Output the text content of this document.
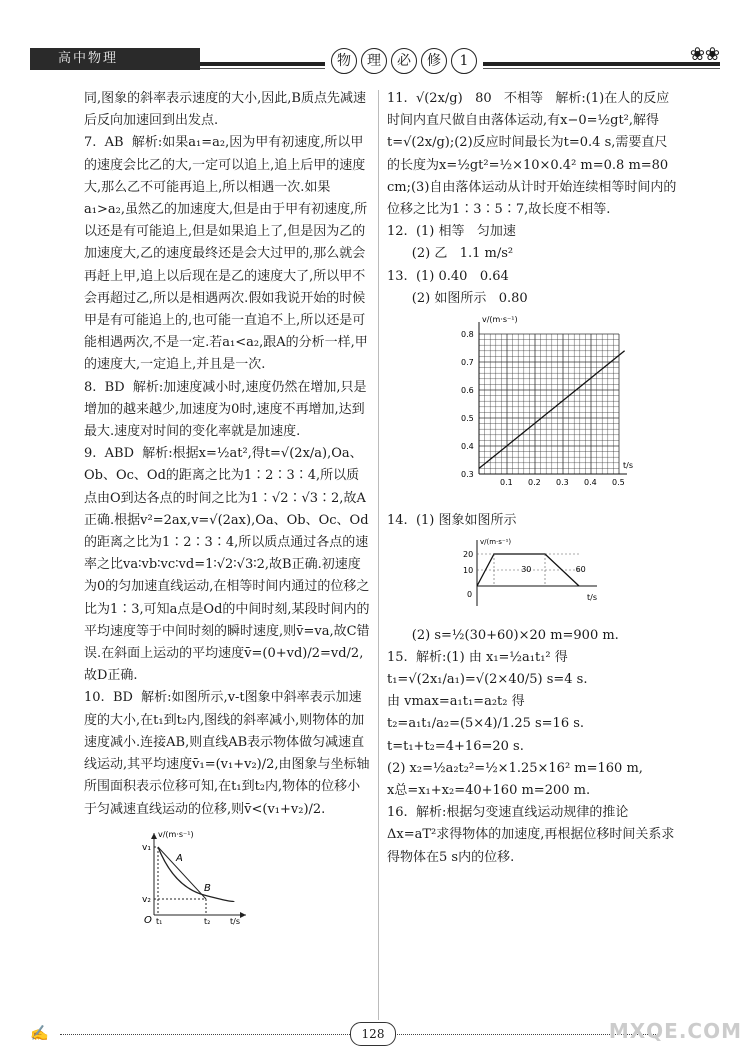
高中物理	物	理	必	修	1	❀❀

同,图象的斜率表示速度的大小,因此,B质点先减速后反向加速回到出发点.

7.  AB  解析:如果a₁=a₂,因为甲有初速度,所以甲的速度会比乙的大,一定可以追上,追上后甲的速度大,那么乙不可能再追上,所以相遇一次.如果a₁>a₂,虽然乙的加速度大,但是由于甲有初速度,所以还是有可能追上,但是如果追上了,但是因为乙的加速度大,乙的速度最终还是会大过甲的,那么就会再赶上甲,追上以后现在是乙的速度大了,所以甲不会再超过乙,所以是相遇两次.假如我说开始的时候甲是有可能追上的,也可能一直追不上,所以还是可能相遇两次,不是一定.若a₁<a₂,跟A的分析一样,甲的速度大,一定追上,并且是一次.

8.  BD  解析:加速度减小时,速度仍然在增加,只是增加的越来越少,加速度为0时,速度不再增加,达到最大.速度对时间的变化率就是加速度.

9.  ABD  解析:根据x=½at²,得t=√(2x/a),Oa、Ob、Oc、Od的距离之比为1∶2∶3∶4,所以质点由O到达各点的时间之比为1∶√2∶√3∶2,故A正确.根据v²=2ax,v=√(2ax),Oa、Ob、Oc、Od的距离之比为1∶2∶3∶4,所以质点通过各点的速率之比va∶vb∶vc∶vd=1∶√2∶√3∶2,故B正确.初速度为0的匀加速直线运动,在相等时间内通过的位移之比为1∶3,可知a点是Od的中间时刻,某段时间内的平均速度等于中间时刻的瞬时速度,则v̄=va,故C错误.在斜面上运动的平均速度v̄=(0+vd)/2=vd/2,故D正确.

10.  BD  解析:如图所示,v-t图象中斜率表示加速度的大小,在t₁到t₂内,图线的斜率减小,则物体的加速度减小.连接AB,则直线AB表示物体做匀减速直线运动,其平均速度v̄₁=(v₁+v₂)/2,由图象与坐标轴所围面积表示位移可知,在t₁到t₂内,物体的位移小于匀减速直线运动的位移,则v̄<(v₁+v₂)/2.

v/(m·s⁻¹)
v₁
v₂
A
B
O t₁	t₂ t/s

11.  √(2x/g)   80   不相等   解析:(1)在人的反应时间内直尺做自由落体运动,有x−0=½gt²,解得t=√(2x/g);(2)反应时间最长为t=0.4 s,需要直尺的长度为x=½gt²=½×10×0.4² m=0.8 m=80 cm;(3)自由落体运动从计时开始连续相等时间内的位移之比为1∶3∶5∶7,故长度不相等.

12.  (1) 相等   匀加速

(2) 乙   1.1 m/s²

13.  (1) 0.40   0.64

(2) 如图所示   0.80

v/(m·s⁻¹)
t/s
0.1 0.2 0.3 0.4 0.5
0.3
0.4
0.5
0.6
0.7
0.8

14.  (1) 图象如图所示

v/(m·s⁻¹)
t/s
0
10
20
30	60

(2) s=½(30+60)×20 m=900 m.

15.  解析:(1) 由 x₁=½a₁t₁² 得
t₁=√(2x₁/a₁)=√(2×40/5) s=4 s.
由 vmax=a₁t₁=a₂t₂ 得
t₂=a₁t₁/a₂=(5×4)/1.25 s=16 s.
t=t₁+t₂=4+16=20 s.
(2) x₂=½a₂t₂²=½×1.25×16² m=160 m,
x总=x₁+x₂=40+160 m=200 m.

16.  解析:根据匀变速直线运动规律的推论Δx=aT²求得物体的加速度,再根据位移时间关系求得物体在5 s内的位移.

✍	128	MXQE.COM
